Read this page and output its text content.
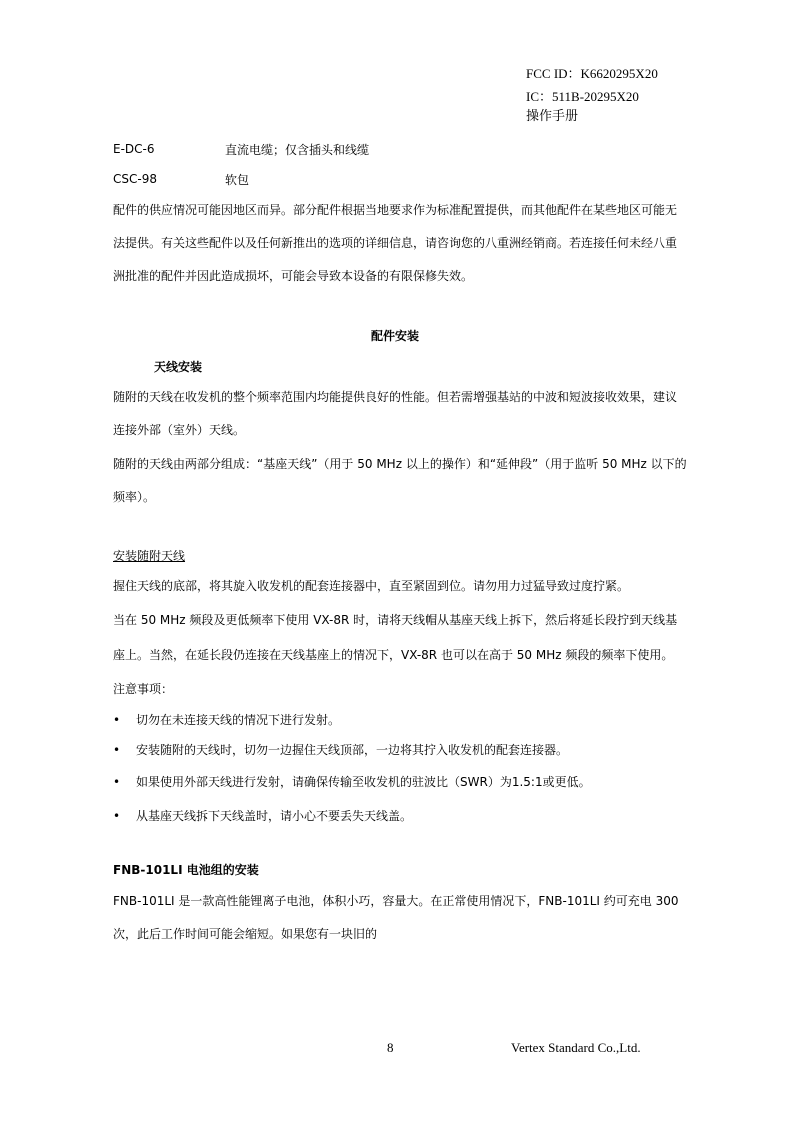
FCC ID：K6620295X20
IC：511B-20295X20
操作手册
E-DC-6	直流电缆；仅含插头和线缆
CSC-98	软包
配件的供应情况可能因地区而异。部分配件根据当地要求作为标准配置提供，而其他配件在某些地区可能无
法提供。有关这些配件以及任何新推出的选项的详细信息，请咨询您的八重洲经销商。若连接任何未经八重
洲批准的配件并因此造成损坏，可能会导致本设备的有限保修失效。
配件安装
天线安装
随附的天线在收发机的整个频率范围内均能提供良好的性能。但若需增强基站的中波和短波接收效果，建议
连接外部（室外）天线。
随附的天线由两部分组成：“基座天线”（用于 50 MHz 以上的操作）和“延伸段”（用于监听 50 MHz 以下的
频率）。
安装随附天线
握住天线的底部，将其旋入收发机的配套连接器中，直至紧固到位。请勿用力过猛导致过度拧紧。
当在 50 MHz 频段及更低频率下使用 VX-8R 时，请将天线帽从基座天线上拆下，然后将延长段拧到天线基
座上。当然，在延长段仍连接在天线基座上的情况下，VX-8R 也可以在高于 50 MHz 频段的频率下使用。
注意事项：
• 切勿在未连接天线的情况下进行发射。
• 安装随附的天线时，切勿一边握住天线顶部，一边将其拧入收发机的配套连接器。
• 如果使用外部天线进行发射，请确保传输至收发机的驻波比（SWR）为1.5:1或更低。
• 从基座天线拆下天线盖时，请小心不要丢失天线盖。
FNB-101LI 电池组的安装
FNB-101LI 是一款高性能锂离子电池，体积小巧，容量大。在正常使用情况下，FNB-101LI 约可充电 300
次，此后工作时间可能会缩短。如果您有一块旧的
8	Vertex Standard Co.,Ltd.
